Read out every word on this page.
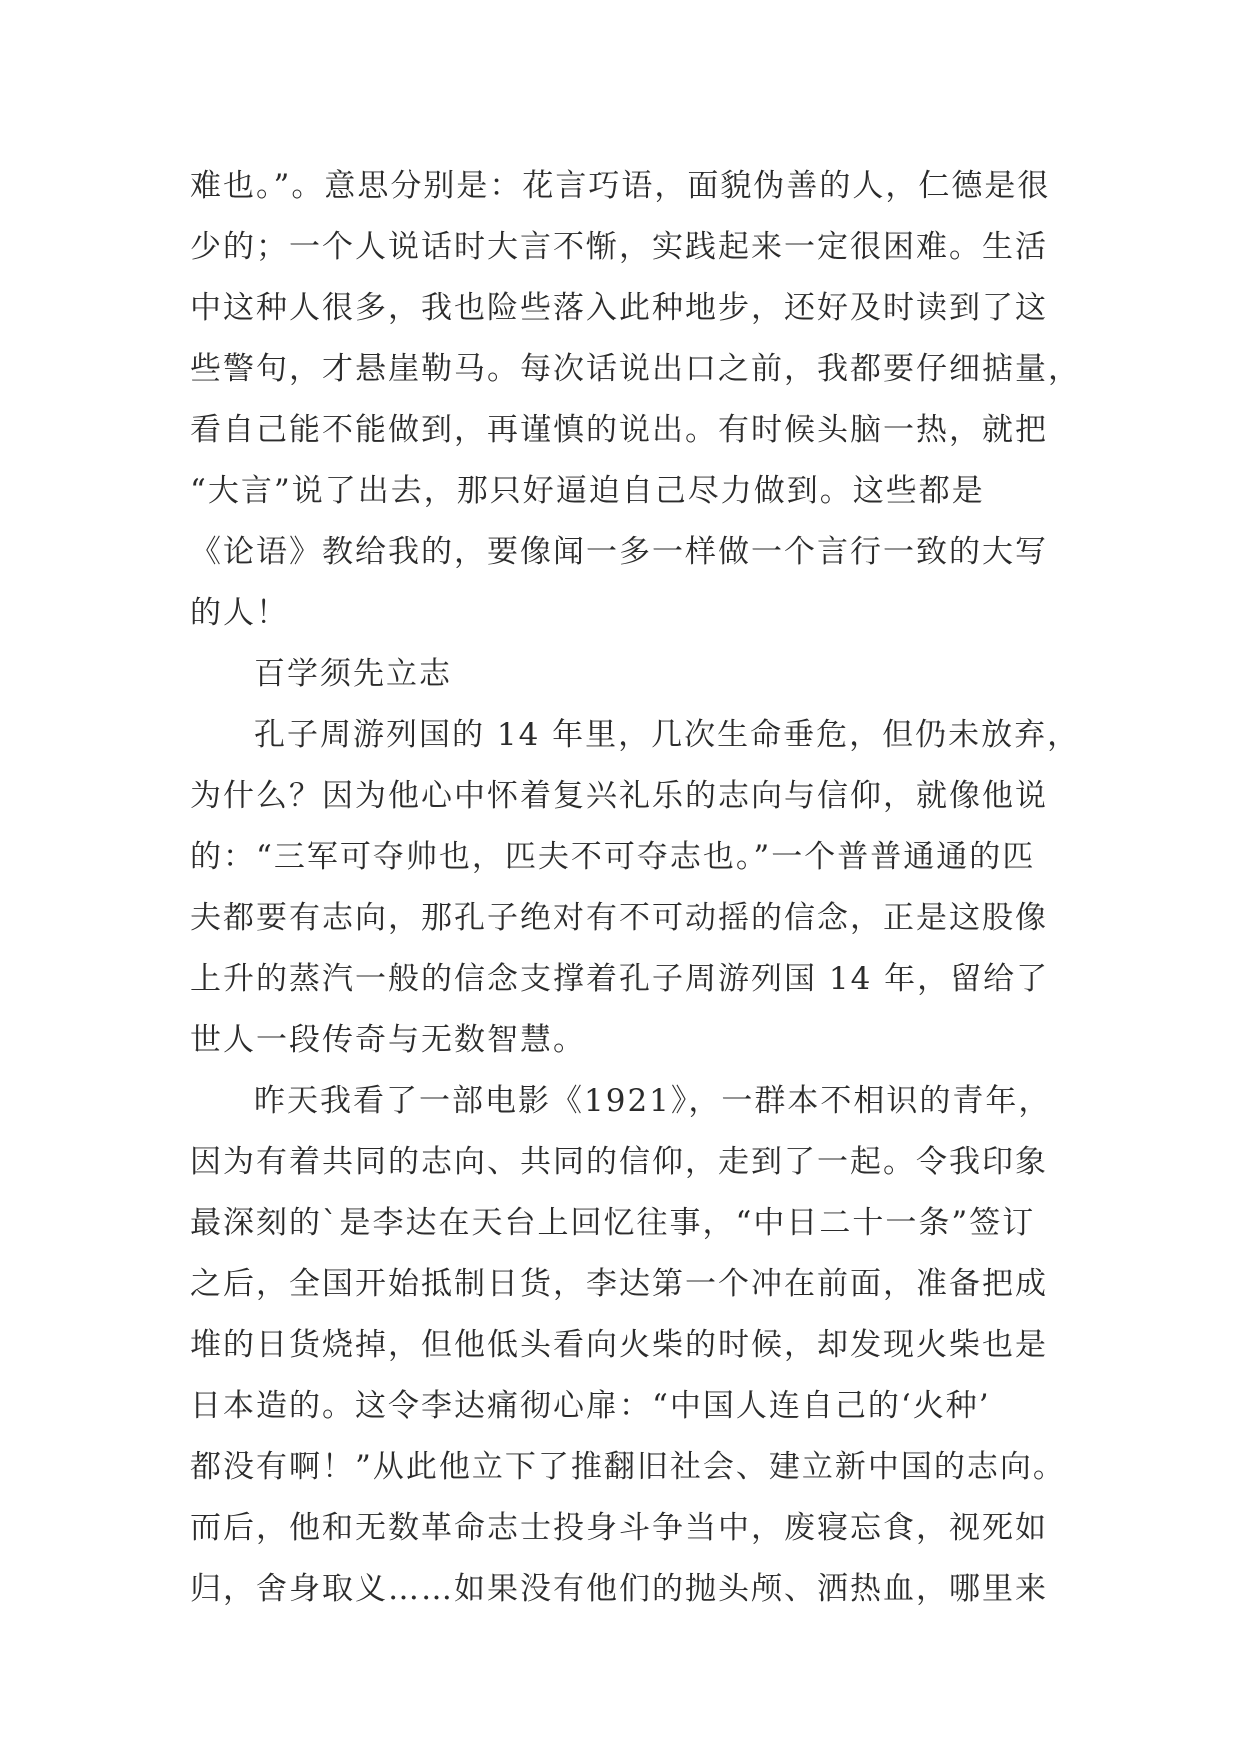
难也。”。意思分别是：花言巧语，面貌伪善的人，仁德是很
少的；一个人说话时大言不惭，实践起来一定很困难。生活
中这种人很多，我也险些落入此种地步，还好及时读到了这
些警句，才悬崖勒马。每次话说出口之前，我都要仔细掂量，
看自己能不能做到，再谨慎的说出。有时候头脑一热，就把
“大言”说了出去，那只好逼迫自己尽力做到。这些都是
《论语》教给我的，要像闻一多一样做一个言行一致的大写
的人！
百学须先立志
孔子周游列国的 14 年里，几次生命垂危，但仍未放弃，
为什么？因为他心中怀着复兴礼乐的志向与信仰，就像他说
的：“三军可夺帅也，匹夫不可夺志也。”一个普普通通的匹
夫都要有志向，那孔子绝对有不可动摇的信念，正是这股像
上升的蒸汽一般的信念支撑着孔子周游列国 14 年，留给了
世人一段传奇与无数智慧。
昨天我看了一部电影《1921》，一群本不相识的青年，
因为有着共同的志向、共同的信仰，走到了一起。令我印象
最深刻的`是李达在天台上回忆往事，“中日二十一条”签订
之后，全国开始抵制日货，李达第一个冲在前面，准备把成
堆的日货烧掉，但他低头看向火柴的时候，却发现火柴也是
日本造的。这令李达痛彻心扉：“中国人连自己的‘火种’
都没有啊！”从此他立下了推翻旧社会、建立新中国的志向。
而后，他和无数革命志士投身斗争当中，废寝忘食，视死如
归，舍身取义……如果没有他们的抛头颅、洒热血，哪里来
